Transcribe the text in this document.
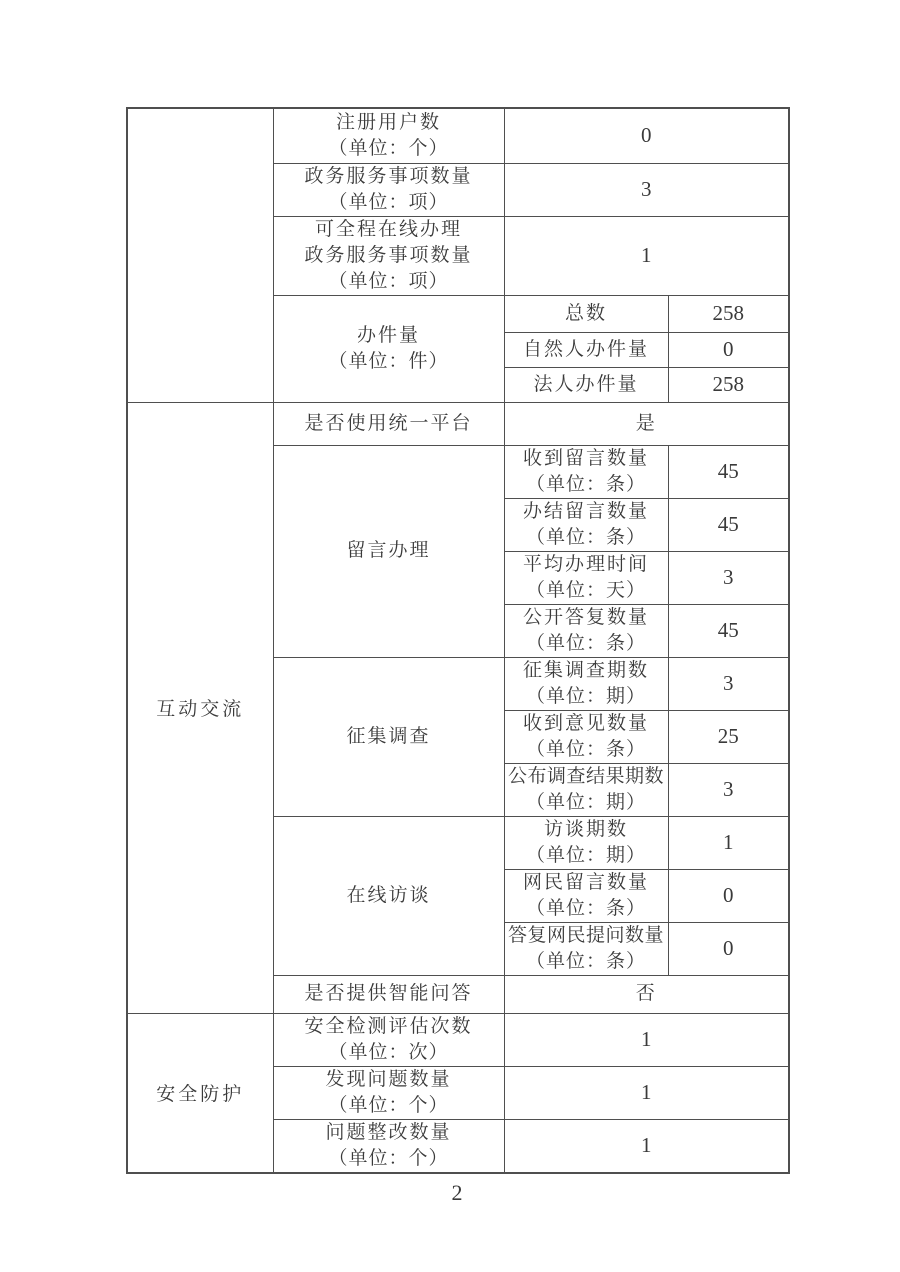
	注册用户数
（单位：个）	0	

	政务服务事项数量
（单位：项）	3	

	可全程在线办理
政务服务事项数量
（单位：项）	1	

	办件量
（单位：件）	总数	258
		自然人办件量	0
		法人办件量	258
互动交流	是否使用统一平台	是	
	留言办理	收到留言数量
（单位：条）	45

		办结留言数量
（单位：条）	45

		平均办理时间
（单位：天）	3

		公开答复数量
（单位：条）	45
	征集调查	征集调查期数
（单位：期）	3

		收到意见数量
（单位：条）	25

		公布调查结果期数
（单位：期）	3
	在线访谈	访谈期数
（单位：期）	1

		网民留言数量
（单位：条）	0

		答复网民提问数量
（单位：条）	0
	是否提供智能问答	否	
安全防护	安全检测评估次数
（单位：次）	1	

	发现问题数量
（单位：个）	1	

	问题整改数量
（单位：个）	1	
2
